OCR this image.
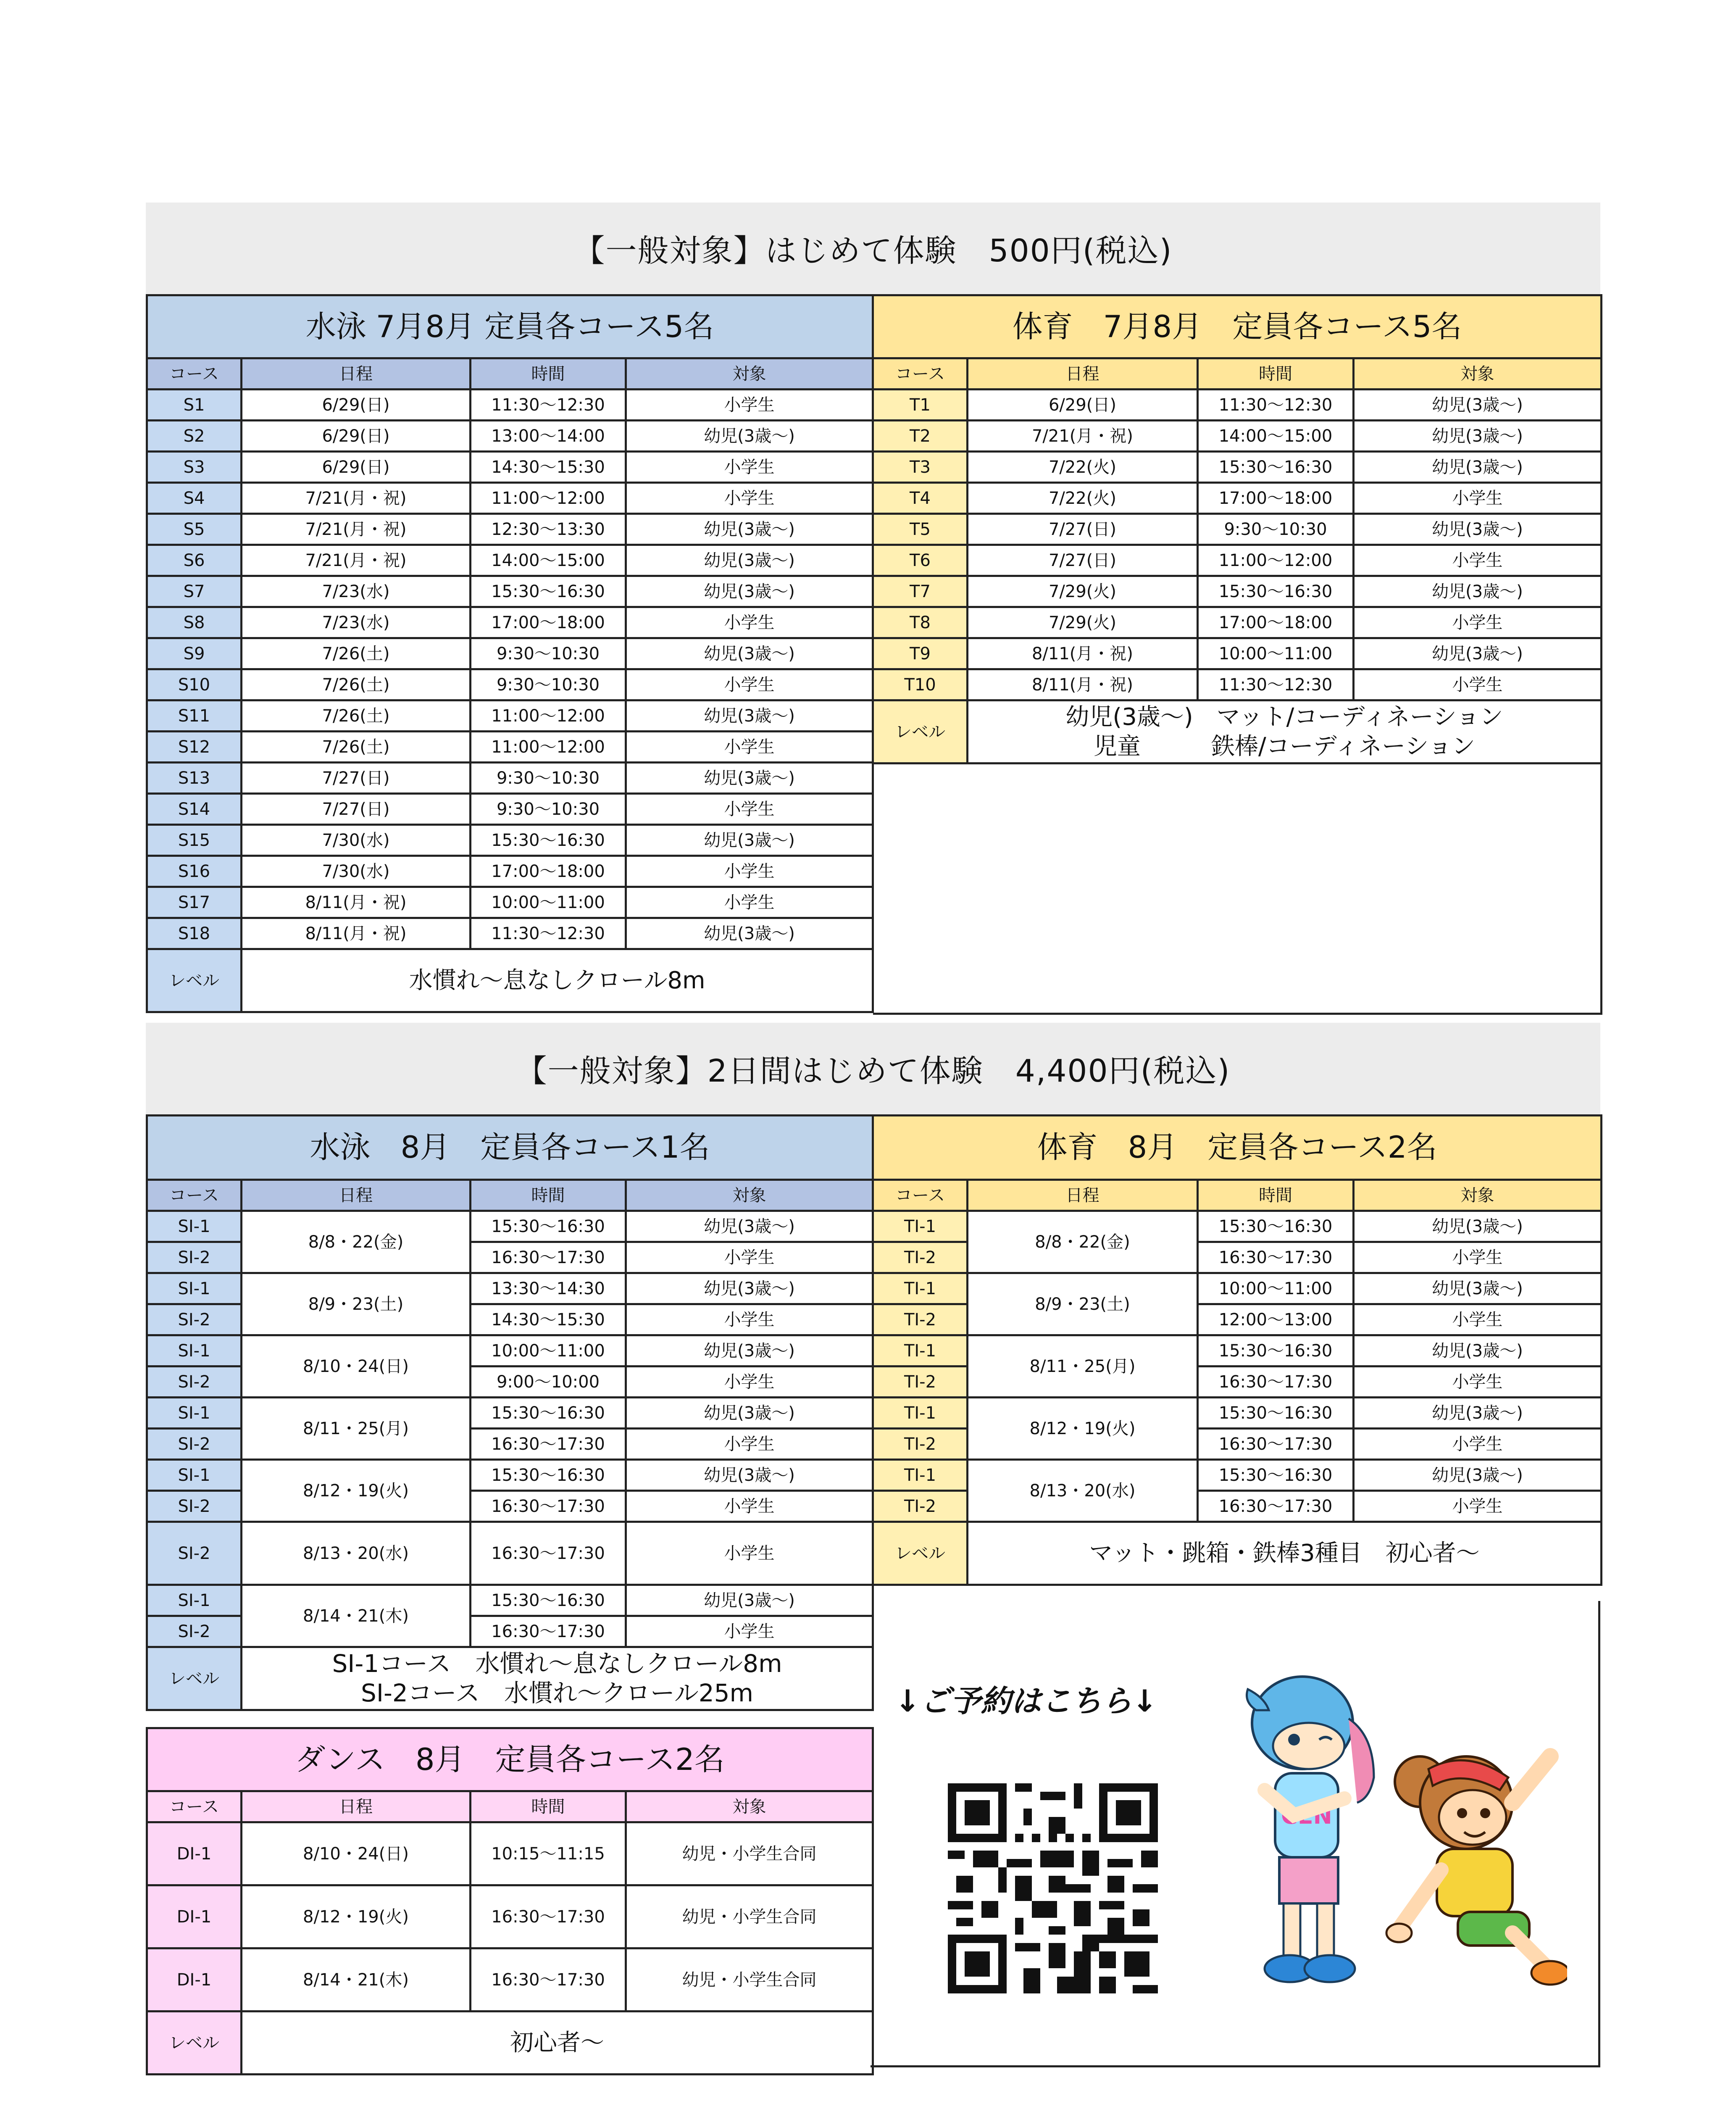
【一般対象】はじめて体験　500円(税込)
水泳 7月8月 定員各コース5名			
コース	日程	時間	対象
S1	6/29(日)	11:30～12:30	小学生
S2	6/29(日)	13:00～14:00	幼児(3歳～)
S3	6/29(日)	14:30～15:30	小学生
S4	7/21(月・祝)	11:00～12:00	小学生
S5	7/21(月・祝)	12:30～13:30	幼児(3歳～)
S6	7/21(月・祝)	14:00～15:00	幼児(3歳～)
S7	7/23(水)	15:30～16:30	幼児(3歳～)
S8	7/23(水)	17:00～18:00	小学生
S9	7/26(土)	9:30～10:30	幼児(3歳～)
S10	7/26(土)	9:30～10:30	小学生
S11	7/26(土)	11:00～12:00	幼児(3歳～)
S12	7/26(土)	11:00～12:00	小学生
S13	7/27(日)	9:30～10:30	幼児(3歳～)
S14	7/27(日)	9:30～10:30	小学生
S15	7/30(水)	15:30～16:30	幼児(3歳～)
S16	7/30(水)	17:00～18:00	小学生
S17	8/11(月・祝)	10:00～11:00	小学生
S18	8/11(月・祝)	11:30～12:30	幼児(3歳～)
レベル	水慣れ～息なしクロール8m		
体育　7月8月　定員各コース5名			
コース	日程	時間	対象
T1	6/29(日)	11:30～12:30	幼児(3歳～)
T2	7/21(月・祝)	14:00～15:00	幼児(3歳～)
T3	7/22(火)	15:30～16:30	幼児(3歳～)
T4	7/22(火)	17:00～18:00	小学生
T5	7/27(日)	9:30～10:30	幼児(3歳～)
T6	7/27(日)	11:00～12:00	小学生
T7	7/29(火)	15:30～16:30	幼児(3歳～)
T8	7/29(火)	17:00～18:00	小学生
T9	8/11(月・祝)	10:00～11:00	幼児(3歳～)
T10	8/11(月・祝)	11:30～12:30	小学生
レベル	幼児(3歳～)　マット/コーディネーション
児童　　　鉄棒/コーディネーション		

【一般対象】2日間はじめて体験　4,400円(税込)
水泳　8月　定員各コース1名			
コース	日程	時間	対象
SI-1	8/8・22(金)	15:30～16:30	幼児(3歳～)
SI-2		16:30～17:30	小学生
SI-1	8/9・23(土)	13:30～14:30	幼児(3歳～)
SI-2		14:30～15:30	小学生
SI-1	8/10・24(日)	10:00～11:00	幼児(3歳～)
SI-2		9:00～10:00	小学生
SI-1	8/11・25(月)	15:30～16:30	幼児(3歳～)
SI-2		16:30～17:30	小学生
SI-1	8/12・19(火)	15:30～16:30	幼児(3歳～)
SI-2		16:30～17:30	小学生
SI-2	8/13・20(水)	16:30～17:30	小学生
SI-1	8/14・21(木)	15:30～16:30	幼児(3歳～)
SI-2		16:30～17:30	小学生
レベル	SI-1コース　水慣れ～息なしクロール8m
SI-2コース　水慣れ～クロール25m		
体育　8月　定員各コース2名			
コース	日程	時間	対象
TI-1	8/8・22(金)	15:30～16:30	幼児(3歳～)
TI-2		16:30～17:30	小学生
TI-1	8/9・23(土)	10:00～11:00	幼児(3歳～)
TI-2		12:00～13:00	小学生
TI-1	8/11・25(月)	15:30～16:30	幼児(3歳～)
TI-2		16:30～17:30	小学生
TI-1	8/12・19(火)	15:30～16:30	幼児(3歳～)
TI-2		16:30～17:30	小学生
TI-1	8/13・20(水)	15:30～16:30	幼児(3歳～)
TI-2		16:30～17:30	小学生
レベル	マット・跳箱・鉄棒3種目　初心者～		
ダンス　8月　定員各コース2名			
コース	日程	時間	対象
DI-1	8/10・24(日)	10:15～11:15	幼児・小学生合同
DI-1	8/12・19(火)	16:30～17:30	幼児・小学生合同
DI-1	8/14・21(木)	16:30～17:30	幼児・小学生合同
レベル	初心者～		
↓ご予約はこちら↓
CEN
